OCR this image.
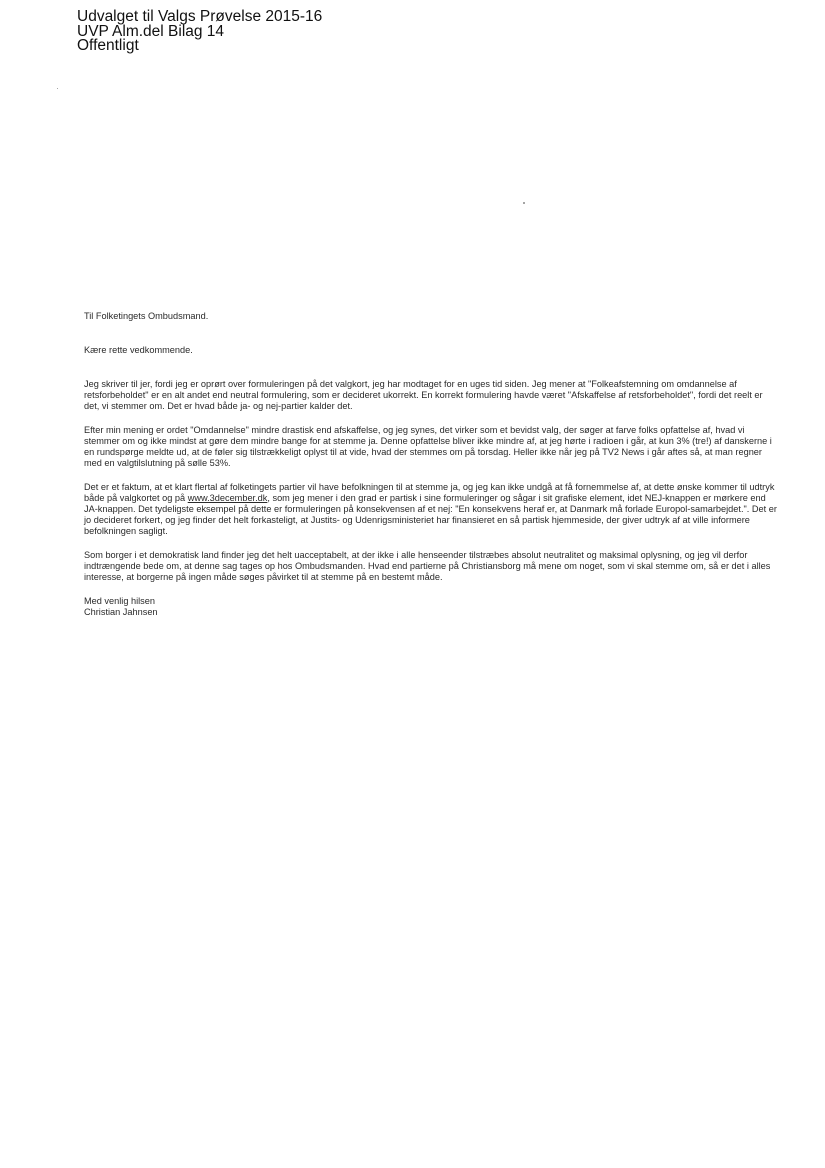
Udvalget til Valgs Prøvelse 2015-16
UVP Alm.del Bilag 14
Offentligt

Til Folketingets Ombudsmand.

Kære rette vedkommende.

Jeg skriver til jer, fordi jeg er oprørt over formuleringen på det valgkort, jeg har modtaget for en uges tid siden. Jeg mener at "Folkeafstemning om omdannelse af retsforbeholdet" er en alt andet end neutral formulering, som er decideret ukorrekt. En korrekt formulering havde været "Afskaffelse af retsforbeholdet", fordi det reelt er det, vi stemmer om. Det er hvad både ja- og nej-partier kalder det.

Efter min mening er ordet "Omdannelse" mindre drastisk end afskaffelse, og jeg synes, det virker som et bevidst valg, der søger at farve folks opfattelse af, hvad vi stemmer om og ikke mindst at gøre dem mindre bange for at stemme ja. Denne opfattelse bliver ikke mindre af, at jeg hørte i radioen i går, at kun 3% (tre!) af danskerne i en rundspørge meldte ud, at de føler sig tilstrækkeligt oplyst til at vide, hvad der stemmes om på torsdag. Heller ikke når jeg på TV2 News i går aftes så, at man regner med en valgtilslutning på sølle 53%.

Det er et faktum, at et klart flertal af folketingets partier vil have befolkningen til at stemme ja, og jeg kan ikke undgå at få fornemmelse af, at dette ønske kommer til udtryk både på valgkortet og på www.3december.dk, som jeg mener i den grad er partisk i sine formuleringer og sågar i sit grafiske element, idet NEJ-knappen er mørkere end JA-knappen. Det tydeligste eksempel på dette er formuleringen på konsekvensen af et nej: "En konsekvens heraf er, at Danmark må forlade Europol-samarbejdet.". Det er jo decideret forkert, og jeg finder det helt forkasteligt, at Justits- og Udenrigsministeriet har finansieret en så partisk hjemmeside, der giver udtryk af at ville informere befolkningen sagligt.

Som borger i et demokratisk land finder jeg det helt uacceptabelt, at der ikke i alle henseender tilstræbes absolut neutralitet og maksimal oplysning, og jeg vil derfor indtrængende bede om, at denne sag tages op hos Ombudsmanden. Hvad end partierne på Christiansborg må mene om noget, som vi skal stemme om, så er det i alles interesse, at borgerne på ingen måde søges påvirket til at stemme på en bestemt måde.

Med venlig hilsen

Christian Jahnsen
